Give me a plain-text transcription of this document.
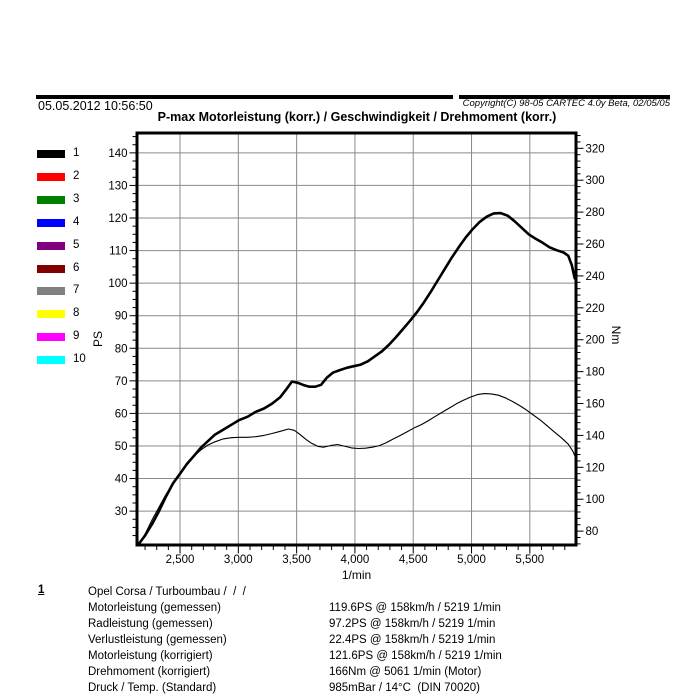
05.05.2012 10:56:50	Copyright(C) 98-05 CARTEC 4.0y Beta, 02/05/05
P-max Motorleistung (korr.) / Geschwindigkeit / Drehmoment (korr.)
1
2
3
4
5
6
7
8
9
10
140
130
120
110
100
90
80
70
60
50
40
30
PS
320
300
280
260
240
220
200
180
160
140
120
100
80
Nm
2,500	3,000	3,500	4,000	4,500	5,000	5,500
1/min
1	Opel Corsa / Turboumbau /  /  /
Motorleistung (gemessen)	119.6PS @ 158km/h / 5219 1/min
Radleistung (gemessen)	97.2PS @ 158km/h / 5219 1/min
Verlustleistung (gemessen)	22.4PS @ 158km/h / 5219 1/min
Motorleistung (korrigiert)	121.6PS @ 158km/h / 5219 1/min
Drehmoment (korrigiert)	166Nm @ 5061 1/min (Motor)
Druck / Temp. (Standard)	985mBar / 14°C  (DIN 70020)
